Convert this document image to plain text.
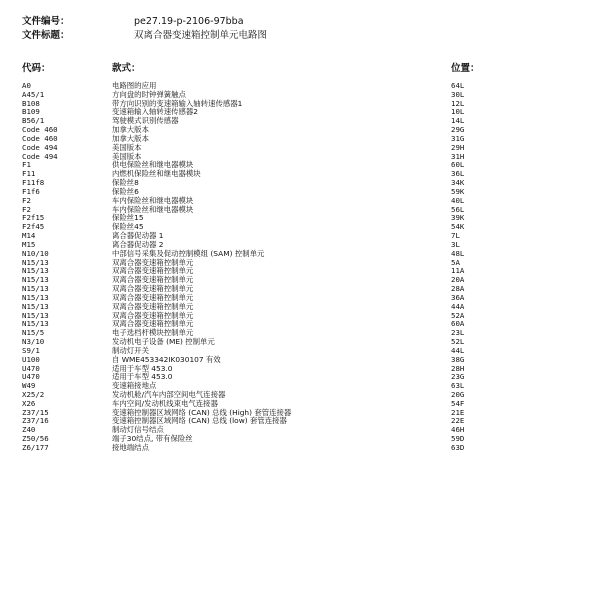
文件编号：	pe27.19-p-2106-97bba
文件标题：	双离合器变速箱控制单元电路图
代码：	款式：	位置：
A0	电路图的应用	64L
A45/1	方向盘的时钟弹簧触点	30L
B108	带方向识别的变速箱输入轴转速传感器1	12L
B109	变速箱输入轴转速传感器2	10L
B56/1	驾驶模式识别传感器	14L
Code 460	加拿大版本	29G
Code 460	加拿大版本	31G
Code 494	美国版本	29H
Code 494	美国版本	31H
F1	供电保险丝和继电器模块	60L
F11	内燃机保险丝和继电器模块	36L
F11f8	保险丝8	34K
F1f6	保险丝6	59K
F2	车内保险丝和继电器模块	40L
F2	车内保险丝和继电器模块	56L
F2f15	保险丝15	39K
F2f45	保险丝45	54K
M14	离合器促动器 1	7L
M15	离合器促动器 2	3L
N10/10	中部信号采集及促动控制模组 (SAM) 控制单元	48L
N15/13	双离合器变速箱控制单元	5A
N15/13	双离合器变速箱控制单元	11A
N15/13	双离合器变速箱控制单元	20A
N15/13	双离合器变速箱控制单元	28A
N15/13	双离合器变速箱控制单元	36A
N15/13	双离合器变速箱控制单元	44A
N15/13	双离合器变速箱控制单元	52A
N15/13	双离合器变速箱控制单元	60A
N15/5	电子选档杆模块控制单元	23L
N3/10	发动机电子设备 (ME) 控制单元	52L
S9/1	制动灯开关	44L
U100	自 WME453342IK030107 有效	38G
U470	适用于车型 453.0	28H
U470	适用于车型 453.0	23G
W49	变速箱接地点	63L
X25/2	发动机舱/汽车内部空间电气连接器	20G
X26	车内空间/发动机线束电气连接器	54F
Z37/15	变速箱控制器区域网络 (CAN) 总线 (High) 套管连接器	21E
Z37/16	变速箱控制器区域网络 (CAN) 总线 (low) 套管连接器	22E
Z40	制动灯信号结点	46H
Z50/56	端子30结点, 带有保险丝	59D
Z6/177	接地端结点	63D
